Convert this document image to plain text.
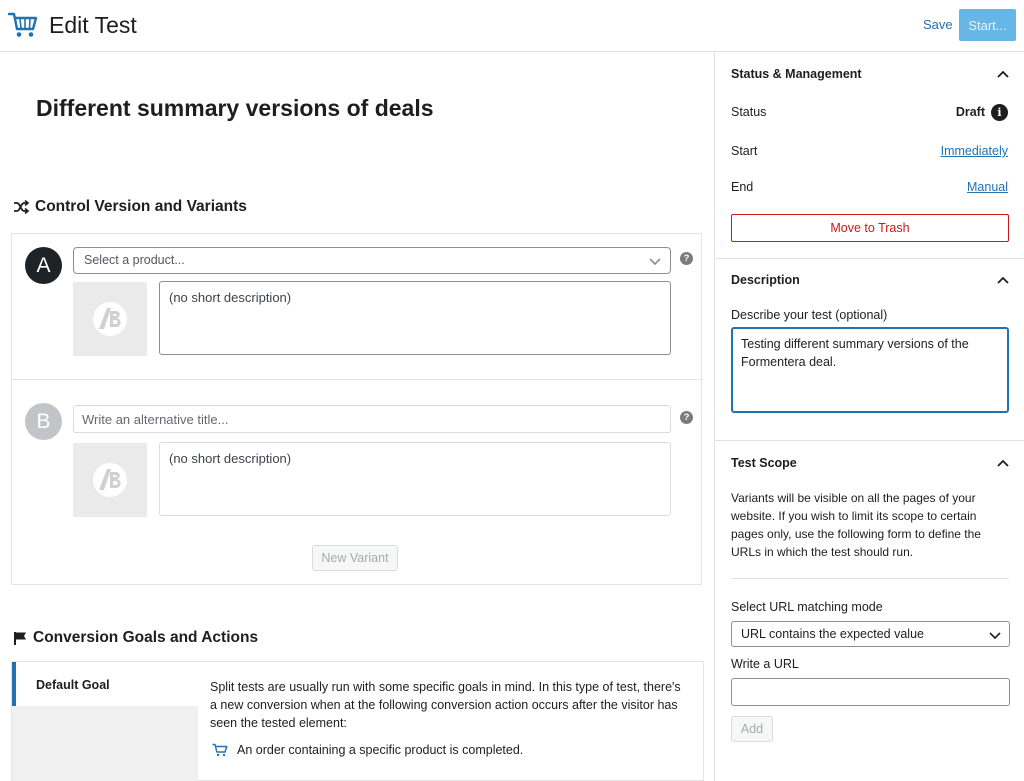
Edit Test	Save	Start...
Different summary versions of deals
Control Version and Variants
A	Select a product...	?
(no short description)
B	Write an alternative title...	?
(no short description)
New Variant
Conversion Goals and Actions
Default Goal	Split tests are usually run with some specific goals in mind. In this type of test, there's a new conversion when at the following conversion action occurs after the visitor has seen the tested element:
An order containing a specific product is completed.
Status & Management
Status	Draft	i
Start	Immediately
End	Manual
Move to Trash
Description
Describe your test (optional)
Testing different summary versions of the Formentera deal.
Test Scope
Variants will be visible on all the pages of your website. If you wish to limit its scope to certain pages only, use the following form to define the URLs in which the test should run.
Select URL matching mode
URL contains the expected value
Write a URL
Add
